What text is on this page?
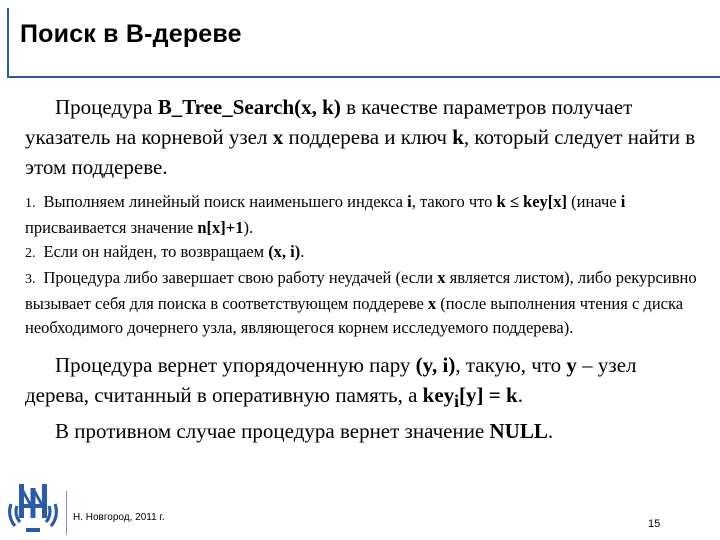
Поиск в B-дереве

Процедура B_Tree_Search(x, k) в качестве параметров получает указатель на корневой узел x поддерева и ключ k, который следует найти в этом поддереве.

1. Выполняем линейный поиск наименьшего индекса i, такого что k ≤ key[x] (иначе i присваивается значение n[x]+1).

2. Если он найден, то возвращаем (x, i).

3. Процедура либо завершает свою работу неудачей (если x является листом), либо рекурсивно вызывает себя для поиска в соответствующем поддереве x (после выполнения чтения с диска необходимого дочернего узла, являющегося корнем исследуемого поддерева).

Процедура вернет упорядоченную пару (y, i), такую, что y – узел дерева, считанный в оперативную память, а key$_i$[y] = k.

В противном случае процедура вернет значение NULL.

Н. Новгород, 2011 г.
15
